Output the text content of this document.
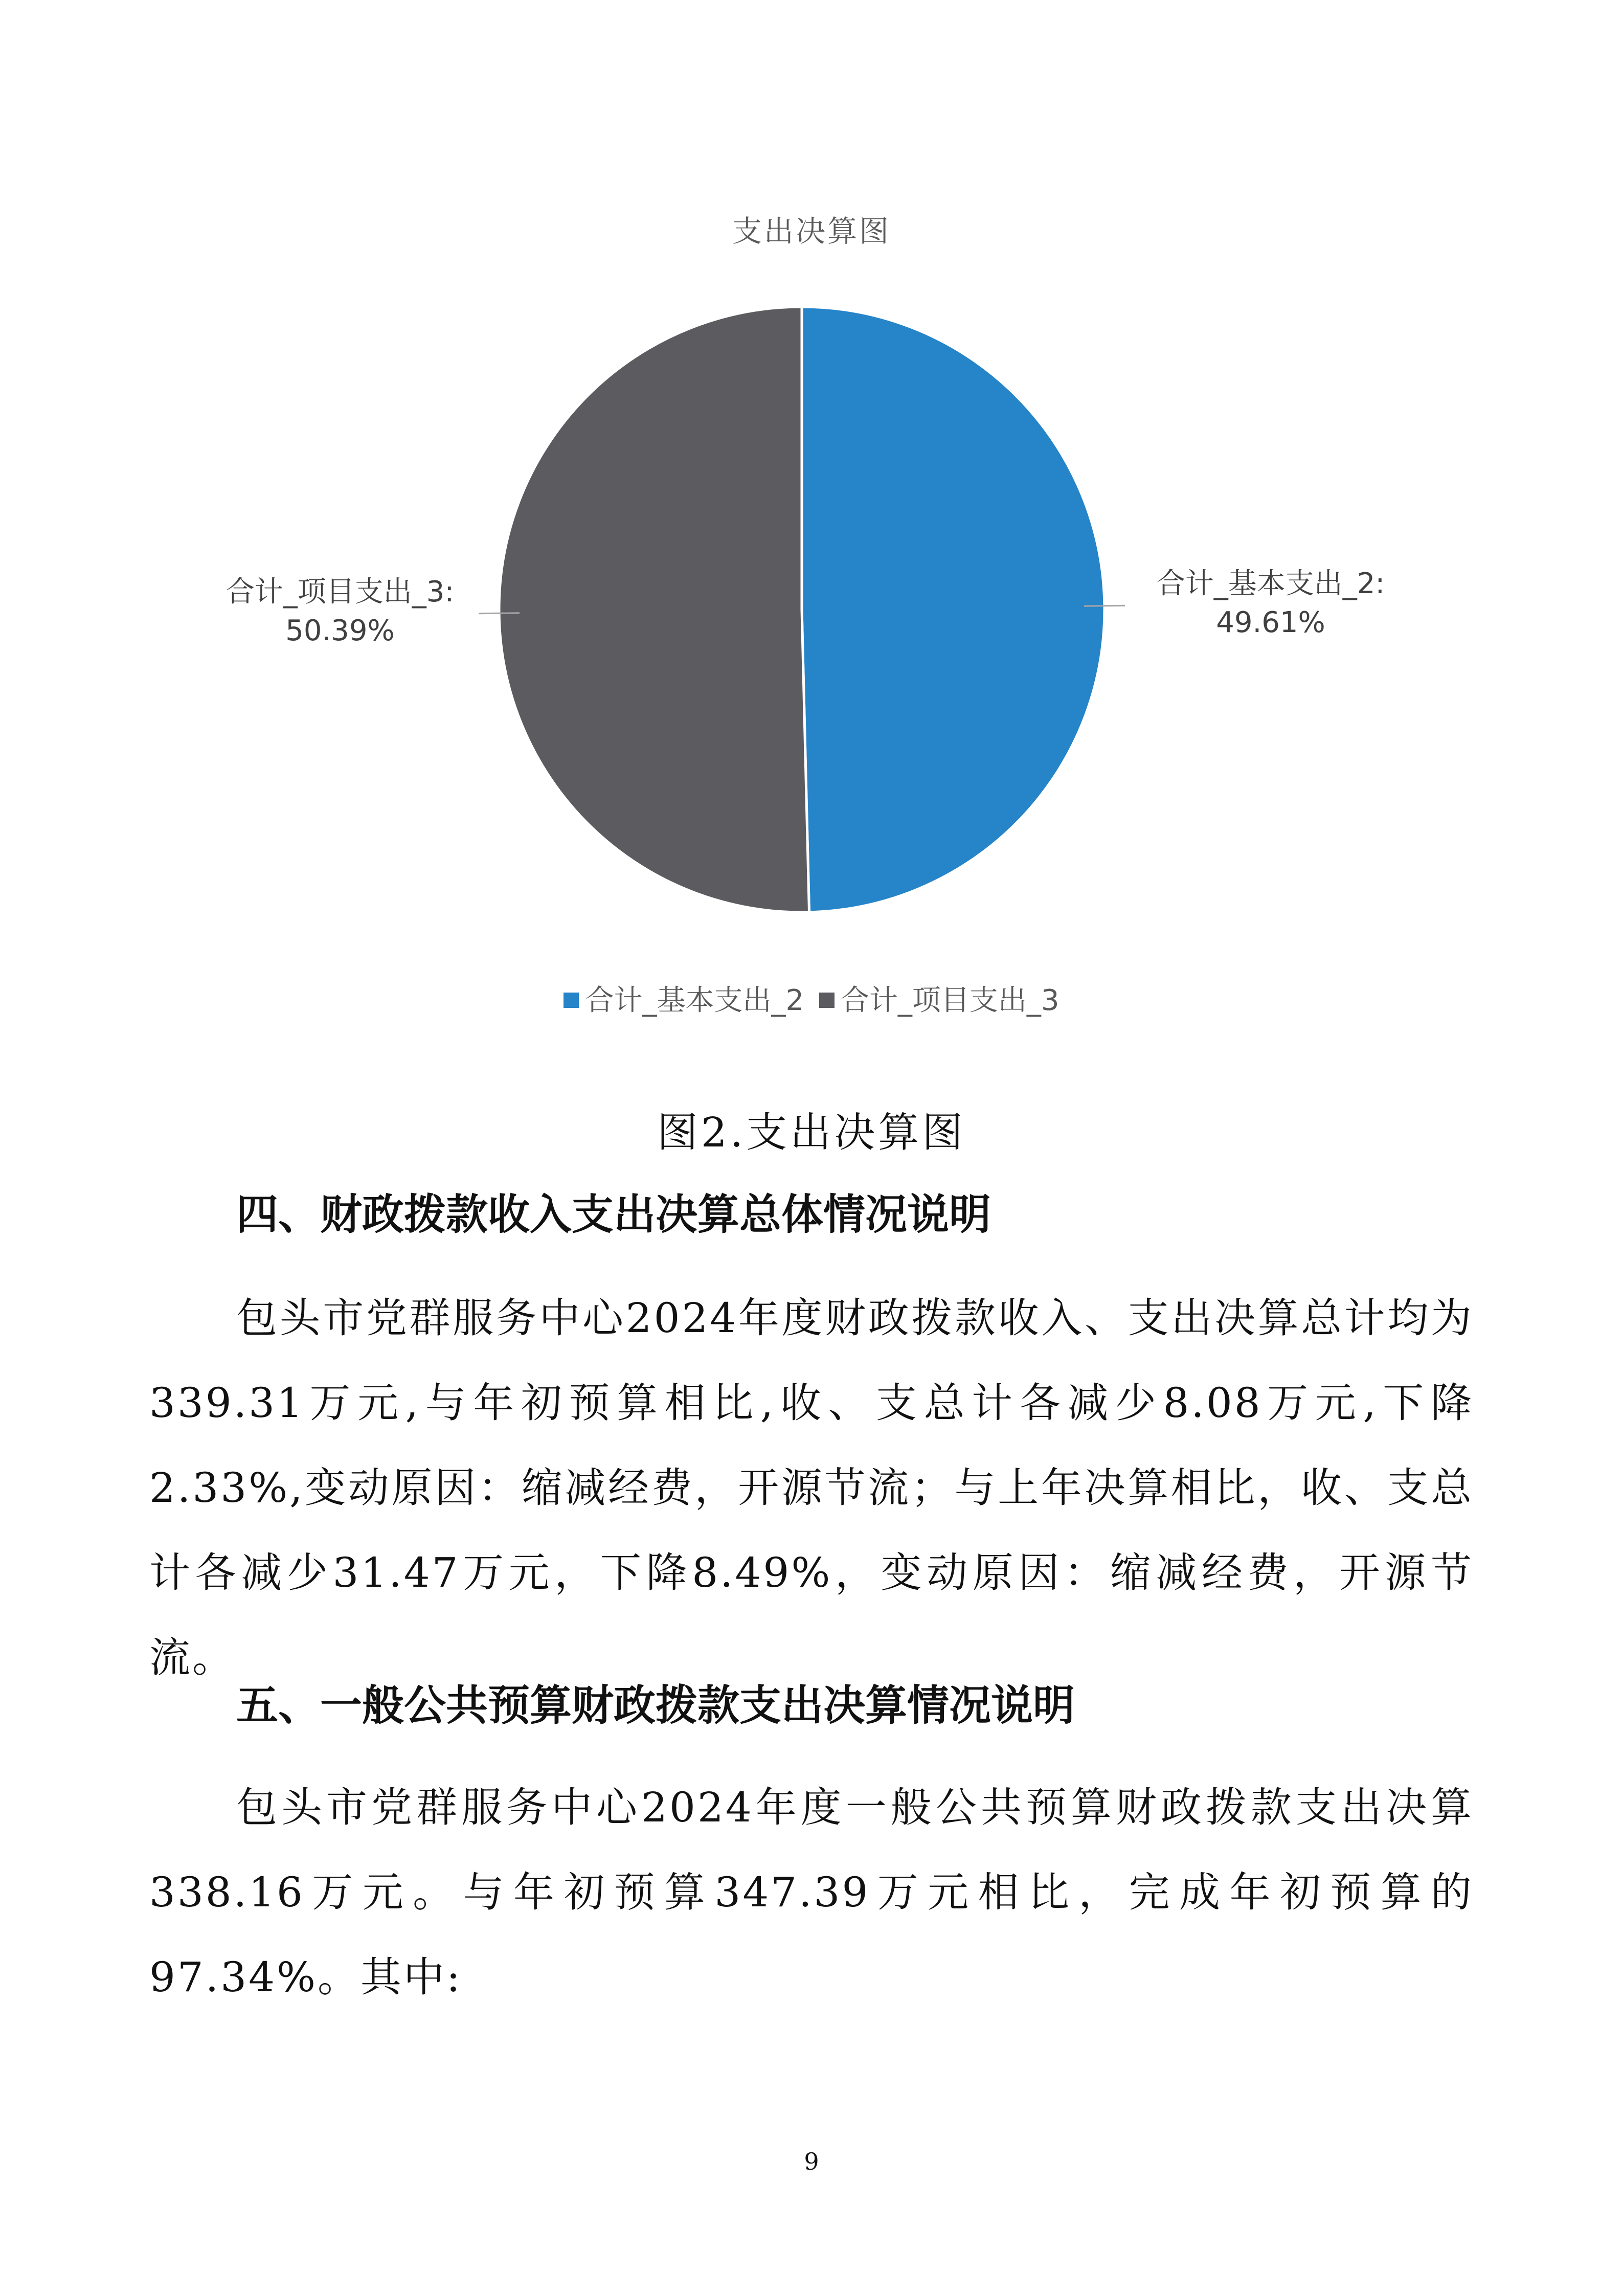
支出决算图
合计_项目支出_3:
50.39%
合计_基本支出_2:
49.61%
合计_基本支出_2 合计_项目支出_3
图2.支出决算图
四、财政拨款收入支出决算总体情况说明
包头市党群服务中心2024年度财政拨款收入、支出决算总计均为339.31万元,与年初预算相比,收、支总计各减少8.08万元,下降2.33%,变动原因：缩减经费，开源节流；与上年决算相比，收、支总计各减少31.47万元，下降8.49%，变动原因：缩减经费，开源节流。
五、一般公共预算财政拨款支出决算情况说明
包头市党群服务中心2024年度一般公共预算财政拨款支出决算338.16万元。与年初预算347.39万元相比，完成年初预算的97.34%。其中:
9
